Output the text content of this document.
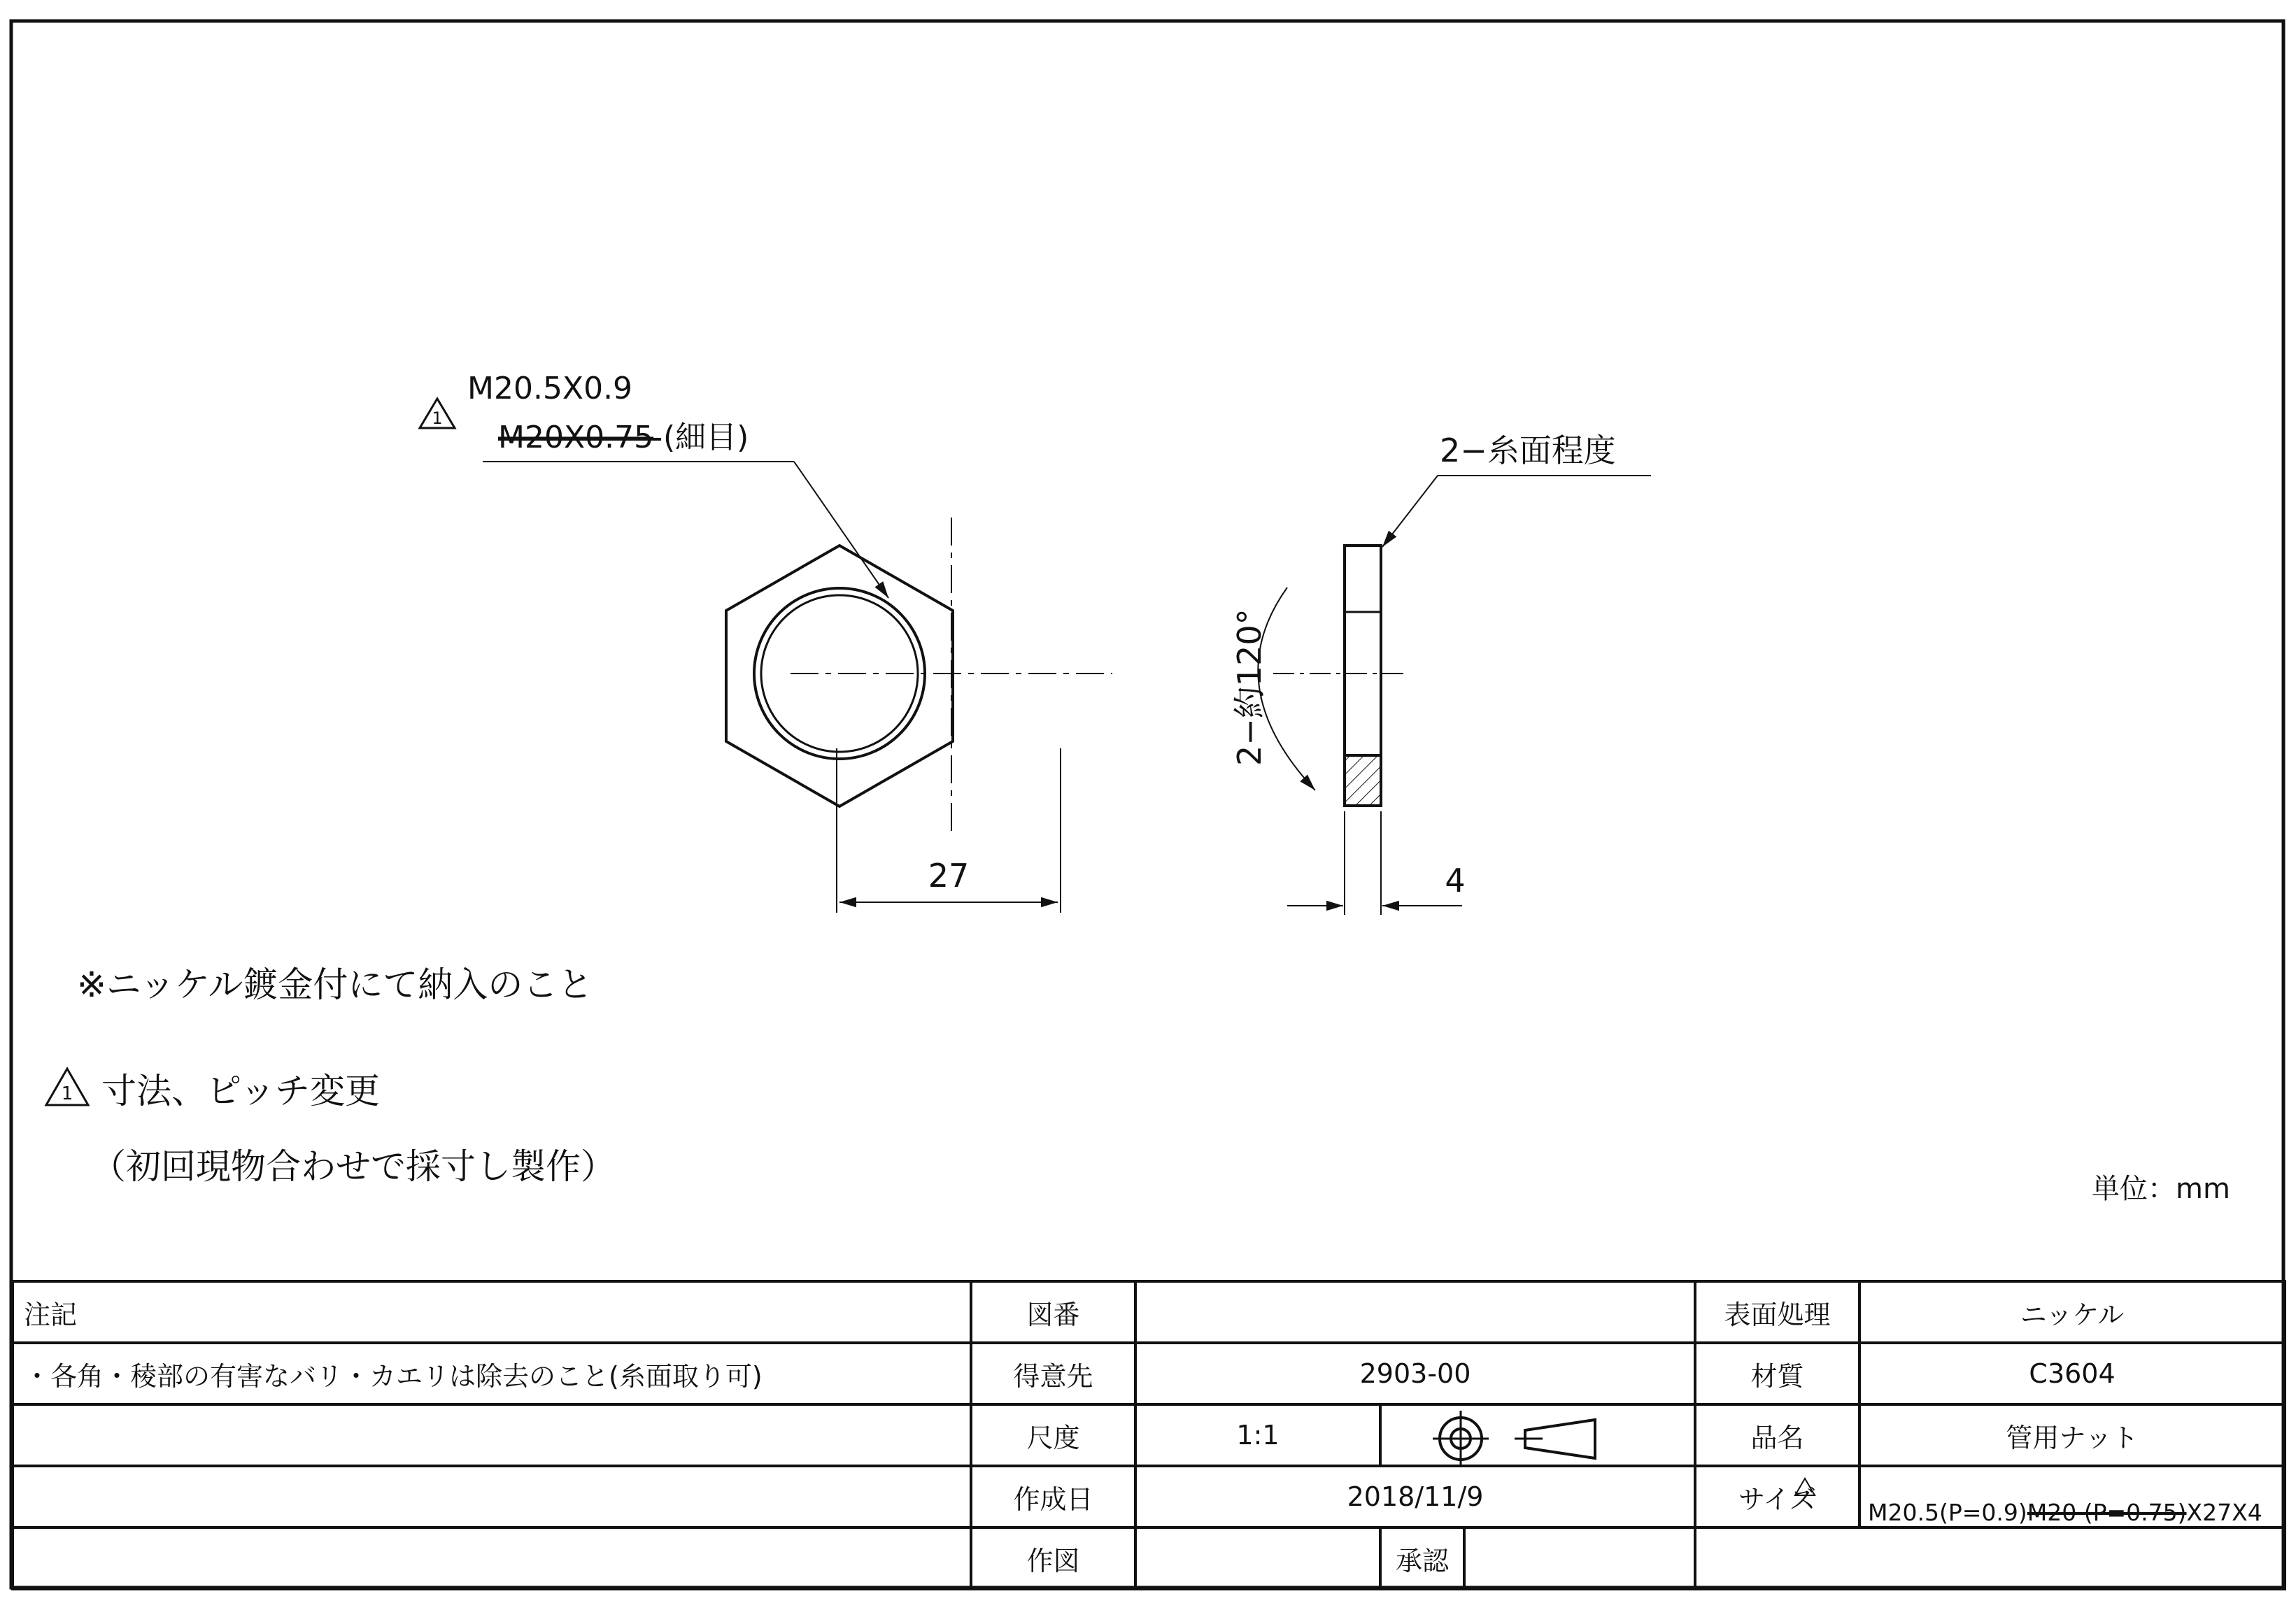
27
1
M20.5X0.9
M20X0.75 (細目)
2−約120°
4
2−糸面程度
1
※ニッケル鍍金付にて納入のこと
寸法、ピッチ変更
（初回現物合わせで採寸し製作）
単位：mm
注記	図番				表面処理	ニッケル
・各角・稜部の有害なバリ・カエリは除去のこと(糸面取り可)	得意先	2903-00			材質	C3604
	尺度	1:1			品名	管用ナット
	作成日	2018/11/9			サイズ	M20.5(P=0.9)M20 (P=0.75)X27X4
	作図		承認			
